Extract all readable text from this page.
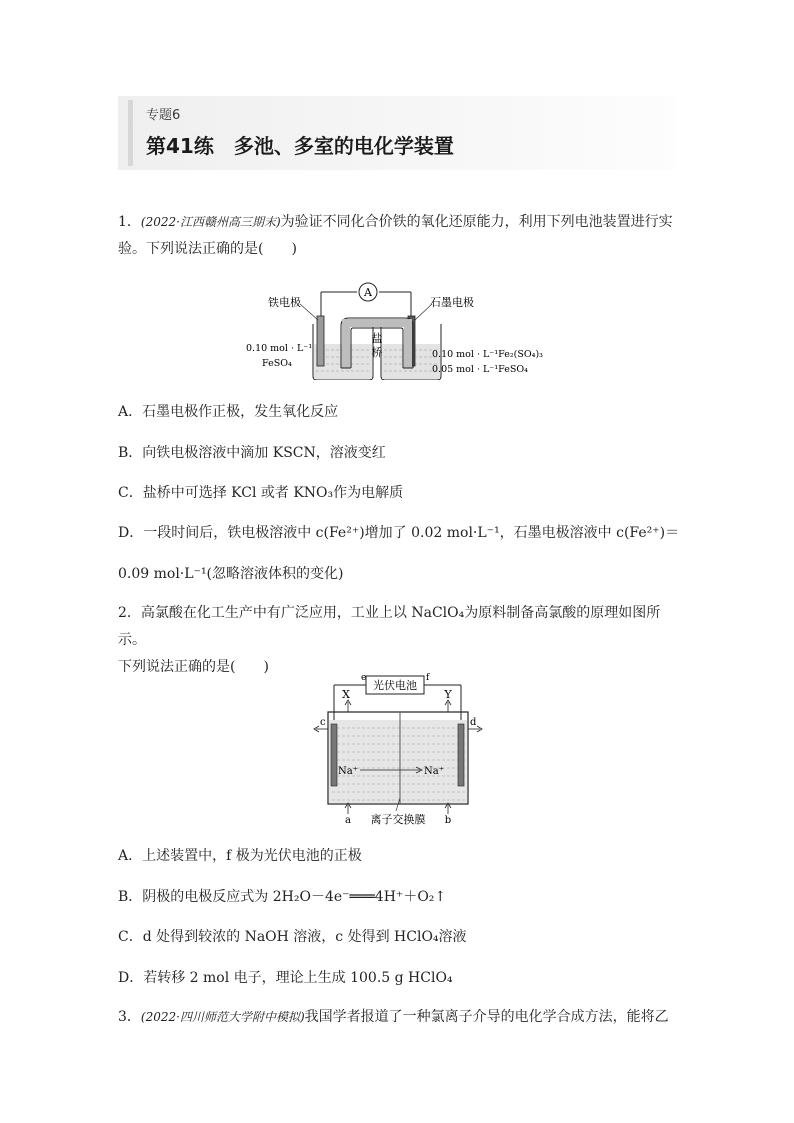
专题6
第41练 多池、多室的电化学装置
1．(2022·江西赣州高三期末)为验证不同化合价铁的氧化还原能力，利用下列电池装置进行实
验。下列说法正确的是(　　)
A
铁电极	石墨电极
盐
桥
0.10 mol · L⁻¹
FeSO₄
0.10 mol · L⁻¹Fe₂(SO₄)₃
0.05 mol · L⁻¹FeSO₄
A．石墨电极作正极，发生氧化反应
B．向铁电极溶液中滴加 KSCN，溶液变红
C．盐桥中可选择 KCl 或者 KNO₃作为电解质
D．一段时间后，铁电极溶液中 c(Fe²⁺)增加了 0.02 mol·L⁻¹，石墨电极溶液中 c(Fe²⁺)＝
0.09 mol·L⁻¹(忽略溶液体积的变化)
2．高氯酸在化工生产中有广泛应用，工业上以 NaClO₄为原料制备高氯酸的原理如图所示。
下列说法正确的是(　　)
光伏电池
e	f
X	Y
c	d
Na⁺	Na⁺
a	b
离子交换膜
A．上述装置中，f 极为光伏电池的正极
B．阴极的电极反应式为 2H₂O－4e⁻═══4H⁺＋O₂↑
C．d 处得到较浓的 NaOH 溶液，c 处得到 HClO₄溶液
D．若转移 2 mol 电子，理论上生成 100.5 g HClO₄
3．(2022·四川师范大学附中模拟)我国学者报道了一种氯离子介导的电化学合成方法，能将乙
